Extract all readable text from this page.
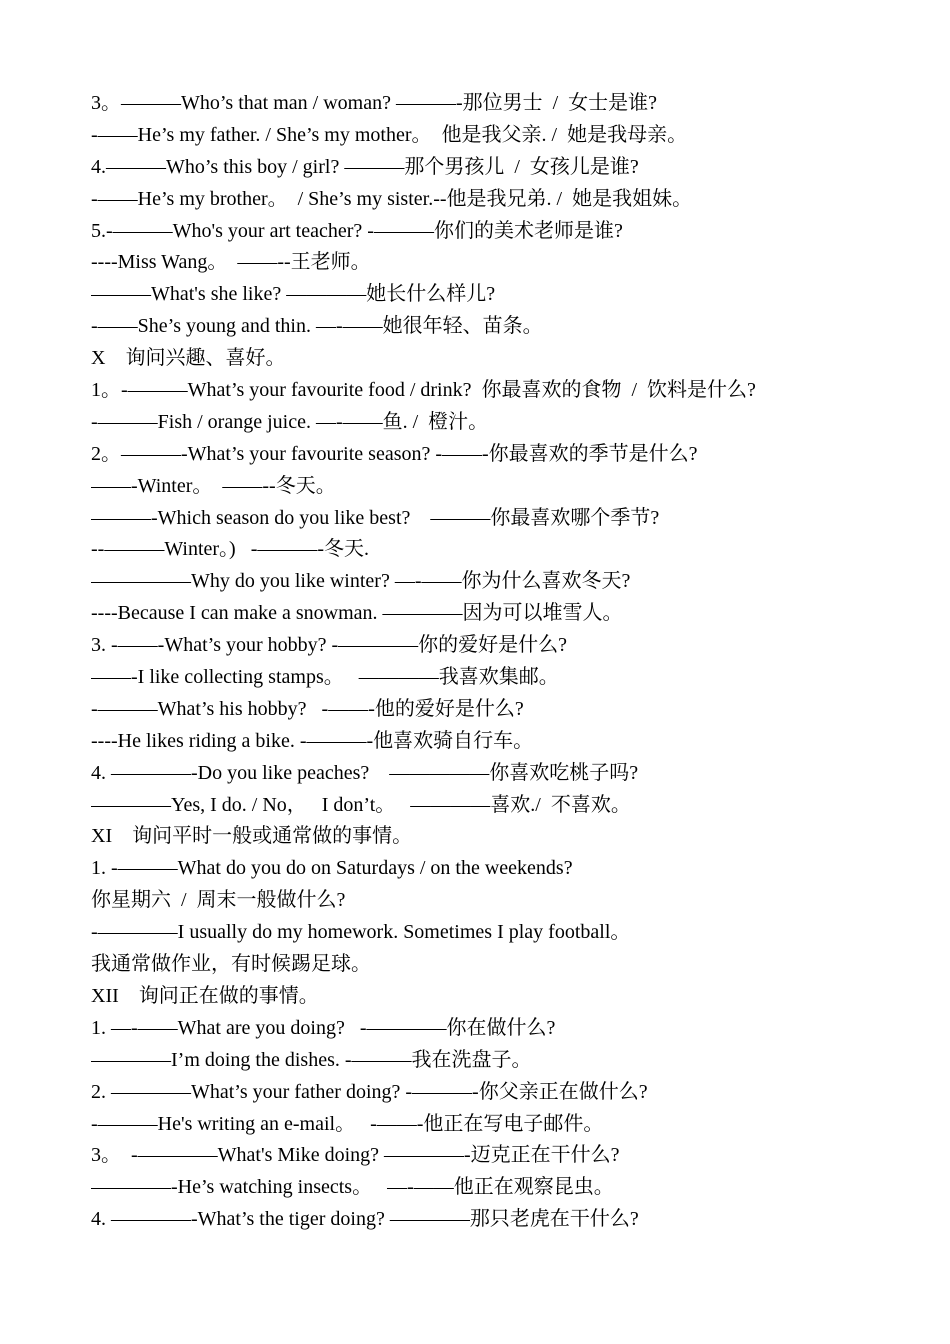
3。———Who’s that man / woman? ———-那位男士  /  女士是谁?
-——He’s my father. / She’s my mother。  他是我父亲. /  她是我母亲。
4.———Who’s this boy / girl? ———那个男孩儿  /  女孩儿是谁?
-——He’s my brother。  / She’s my sister.--他是我兄弟. /  她是我姐妹。
5.-———Who's your art teacher? -———你们的美术老师是谁?
----Miss Wang。  ——--王老师。
———What's she like? ————她长什么样儿?
-——She’s young and thin. —-——她很年轻、苗条。
X    询问兴趣、喜好。
1。-———What’s your favourite food / drink?  你最喜欢的食物  /  饮料是什么?
-———Fish / orange juice. —-——鱼. /  橙汁。
2。———-What’s your favourite season? -——-你最喜欢的季节是什么?
——-Winter。  ——--冬天。
———-Which season do you like best?    ———你最喜欢哪个季节?
--———Winter。)   -———-冬天.
—————Why do you like winter? —-——你为什么喜欢冬天?
----Because I can make a snowman. ————因为可以堆雪人。
3. -——-What’s your hobby? -————你的爱好是什么?
——-I like collecting stamps。   ————我喜欢集邮。
-———What’s his hobby?   -——-他的爱好是什么?
----He likes riding a bike. -———-他喜欢骑自行车。
4. ————-Do you like peaches?    —————你喜欢吃桃子吗?
————Yes, I do. / No，   I don’t。   ————喜欢./  不喜欢。
XI    询问平时一般或通常做的事情。
1. -———What do you do on Saturdays / on the weekends?
你星期六  /  周末一般做什么?
-————I usually do my homework. Sometimes I play football。
我通常做作业，有时候踢足球。
XII    询问正在做的事情。
1. —-——What are you doing?   -————你在做什么?
————I’m doing the dishes. -———我在洗盘子。
2. ————What’s your father doing? -———-你父亲正在做什么?
-———He's writing an e-mail。   -——-他正在写电子邮件。
3。  -————What's Mike doing? ————-迈克正在干什么?
————-He’s watching insects。   —-——他正在观察昆虫。
4. ————-What’s the tiger doing? ————那只老虎在干什么?
